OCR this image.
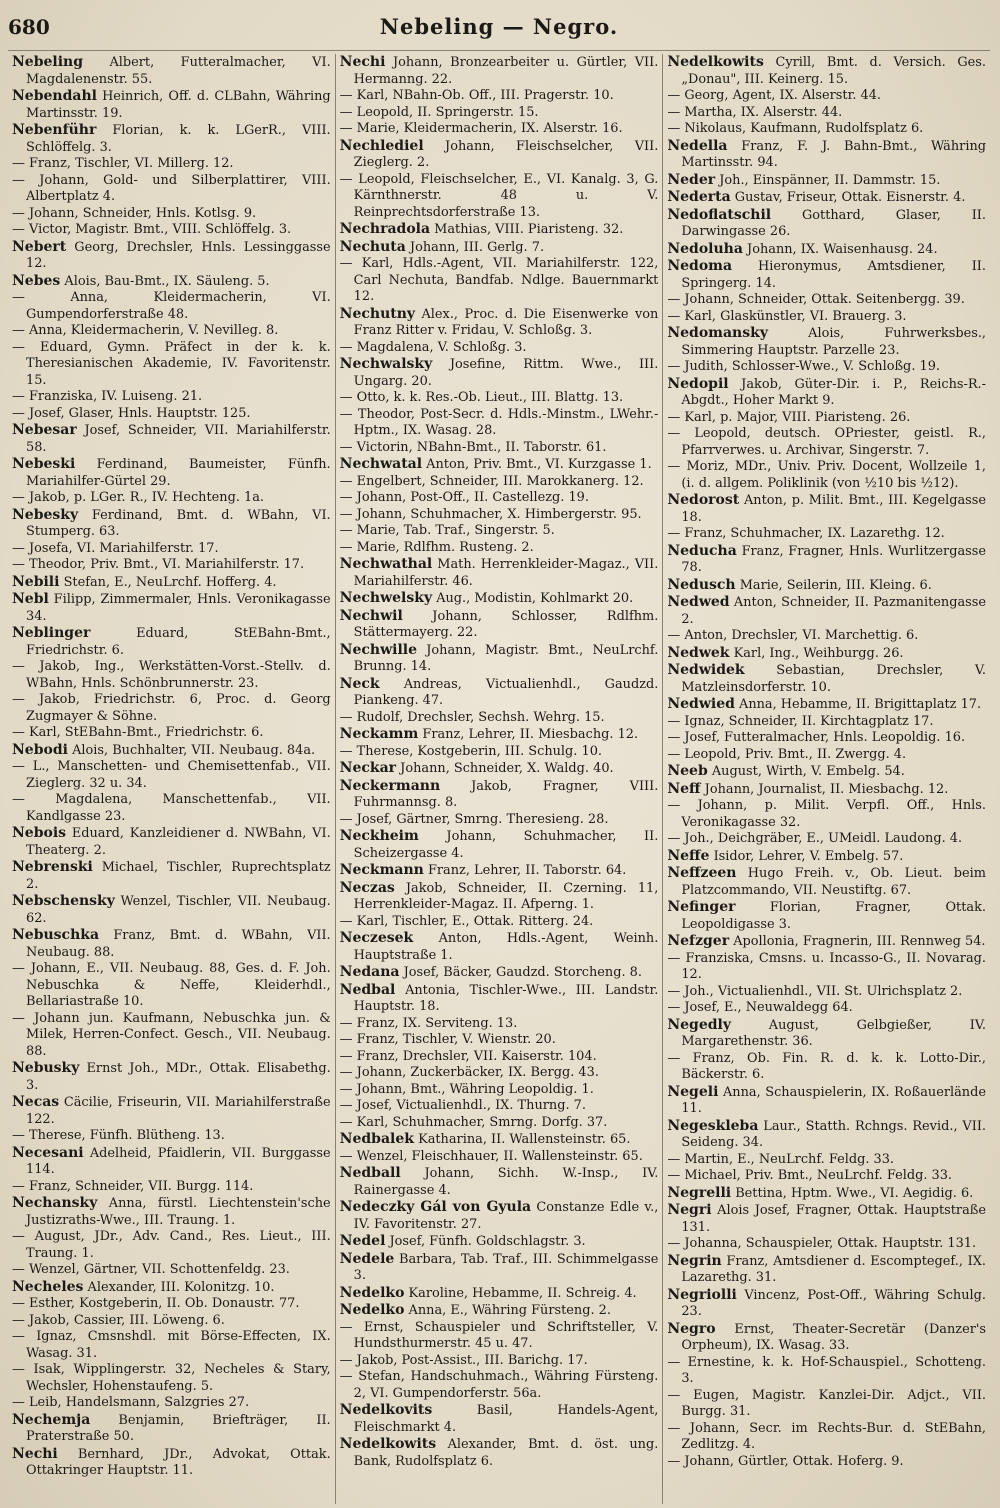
680	Nebeling — Negro.

Nebeling Albert, Futteralmacher, VI. Magdalenenstr. 55.

Nebendahl Heinrich, Off. d. CLBahn, Währing Martinsstr. 19.

Nebenführ Florian, k. k. LGerR., VIII. Schlöffelg. 3.

— Franz, Tischler, VI. Millerg. 12.

— Johann, Gold- und Silberplattirer, VIII. Albertplatz 4.

— Johann, Schneider, Hnls. Kotlsg. 9.

— Victor, Magistr. Bmt., VIII. Schlöffelg. 3.

Nebert Georg, Drechsler, Hnls. Lessinggasse 12.

Nebes Alois, Bau-Bmt., IX. Säuleng. 5.

— Anna, Kleidermacherin, VI. Gumpendorferstraße 48.

— Anna, Kleidermacherin, V. Nevilleg. 8.

— Eduard, Gymn. Präfect in der k. k. Theresianischen Akademie, IV. Favoritenstr. 15.

— Franziska, IV. Luiseng. 21.

— Josef, Glaser, Hnls. Hauptstr. 125.

Nebesar Josef, Schneider, VII. Mariahilferstr. 58.

Nebeski Ferdinand, Baumeister, Fünfh. Mariahilfer-Gürtel 29.

— Jakob, p. LGer. R., IV. Hechteng. 1a.

Nebesky Ferdinand, Bmt. d. WBahn, VI. Stumperg. 63.

— Josefa, VI. Mariahilferstr. 17.

— Theodor, Priv. Bmt., VI. Mariahilferstr. 17.

Nebili Stefan, E., NeuLrchf. Hofferg. 4.

Nebl Filipp, Zimmermaler, Hnls. Veronikagasse 34.

Neblinger	Eduard, StEBahn-Bmt., Friedrichstr. 6.

— Jakob, Ing., Werkstätten-Vorst.-Stellv. d. WBahn, Hnls. Schönbrunnerstr. 23.

— Jakob, Friedrichstr. 6, Proc. d. Georg Zugmayer & Söhne.

— Karl, StEBahn-Bmt., Friedrichstr. 6.

Nebodi Alois, Buchhalter, VII. Neubaug. 84a.

— L., Manschetten- und Chemisettenfab., VII. Zieglerg. 32 u. 34.

— Magdalena, Manschettenfab., VII. Kandlgasse 23.

Nebois Eduard, Kanzleidiener d. NWBahn, VI. Theaterg. 2.

Nebrenski Michael, Tischler, Ruprechtsplatz 2.

Nebschensky Wenzel, Tischler, VII. Neubaug. 62.

Nebuschka Franz, Bmt. d. WBahn, VII. Neubaug. 88.

— Johann, E., VII. Neubaug. 88, Ges. d. F. Joh. Nebuschka & Neffe, Kleiderhdl., Bellariastraße 10.

— Johann jun. Kaufmann, Nebuschka jun. & Milek, Herren-Confect. Gesch., VII. Neubaug. 88.

Nebusky Ernst Joh., MDr., Ottak. Elisabethg. 3.

Necas Cäcilie, Friseurin, VII. Mariahilferstraße 122.

— Therese, Fünfh. Blütheng. 13.

Necesani Adelheid, Pfaidlerin, VII. Burggasse 114.

— Franz, Schneider, VII. Burgg. 114.

Nechansky Anna, fürstl. Liechtenstein'sche Justizraths-Wwe., III. Traung. 1.

— August, JDr., Adv. Cand., Res. Lieut., III. Traung. 1.

— Wenzel, Gärtner, VII. Schottenfeldg. 23.

Necheles Alexander, III. Kolonitzg. 10.

— Esther, Kostgeberin, II. Ob. Donaustr. 77.

— Jakob, Cassier, III. Löweng. 6.

— Ignaz, Cmsnshdl. mit Börse-Effecten, IX. Wasag. 31.

— Isak, Wipplingerstr. 32, Necheles & Stary, Wechsler, Hohenstaufeng. 5.

— Leib, Handelsmann, Salzgries 27.

Nechemja Benjamin, Briefträger, II. Praterstraße 50.

Nechi Bernhard, JDr., Advokat, Ottak. Ottakringer Hauptstr. 11.

Nechi Johann, Bronzearbeiter u. Gürtler, VII. Hermanng. 22.

— Karl, NBahn-Ob. Off., III. Pragerstr. 10.

— Leopold, II. Springerstr. 15.

— Marie, Kleidermacherin, IX. Alserstr. 16.

Nechlediel Johann, Fleischselcher, VII. Zieglerg. 2.

— Leopold, Fleischselcher, E., VI. Kanalg. 3, G. Kärnthnerstr. 48 u. V. Reinprechtsdorferstraße 13.

Nechradola Mathias, VIII. Piaristeng. 32.

Nechuta Johann, III. Gerlg. 7.

— Karl, Hdls.-Agent, VII. Mariahilferstr. 122, Carl Nechuta, Bandfab. Ndlge. Bauernmarkt 12.

Nechutny Alex., Proc. d. Die Eisenwerke von Franz Ritter v. Fridau, V. Schloßg. 3.

— Magdalena, V. Schloßg. 3.

Nechwalsky Josefine, Rittm. Wwe., III. Ungarg. 20.

— Otto, k. k. Res.-Ob. Lieut., III. Blattg. 13.

— Theodor, Post-Secr. d. Hdls.-Minstm., LWehr.-Hptm., IX. Wasag. 28.

— Victorin, NBahn-Bmt., II. Taborstr. 61.

Nechwatal Anton, Priv. Bmt., VI. Kurzgasse 1.

— Engelbert, Schneider, III. Marokkanerg. 12.

— Johann, Post-Off., II. Castellezg. 19.

— Johann, Schuhmacher, X. Himbergerstr. 95.

— Marie, Tab. Traf., Singerstr. 5.

— Marie, Rdlfhm. Rusteng. 2.

Nechwathal Math. Herrenkleider-Magaz., VII. Mariahilferstr. 46.

Nechwelsky Aug., Modistin, Kohlmarkt 20.

Nechwil Johann, Schlosser, Rdlfhm. Stättermayerg. 22.

Nechwille Johann, Magistr. Bmt., NeuLrchf. Brunng. 14.

Neck Andreas, Victualienhdl., Gaudzd. Piankeng. 47.

— Rudolf, Drechsler, Sechsh. Wehrg. 15.

Neckamm Franz, Lehrer, II. Miesbachg. 12.

— Therese, Kostgeberin, III. Schulg. 10.

Neckar Johann, Schneider, X. Waldg. 40.

Neckermann Jakob, Fragner, VIII. Fuhrmannsg. 8.

— Josef, Gärtner, Smrng. Theresieng. 28.

Neckheim Johann, Schuhmacher, II. Scheizergasse 4.

Neckmann Franz, Lehrer, II. Taborstr. 64.

Neczas Jakob, Schneider, II. Czerning. 11, Herrenkleider-Magaz. II. Afperng. 1.

— Karl, Tischler, E., Ottak. Ritterg. 24.

Neczesek Anton, Hdls.-Agent, Weinh. Hauptstraße 1.

Nedana Josef, Bäcker, Gaudzd. Storcheng. 8.

Nedbal Antonia, Tischler-Wwe., III. Landstr. Hauptstr. 18.

— Franz, IX. Serviteng. 13.

— Franz, Tischler, V. Wienstr. 20.

— Franz, Drechsler, VII. Kaiserstr. 104.

— Johann, Zuckerbäcker, IX. Bergg. 43.

— Johann, Bmt., Währing Leopoldig. 1.

— Josef, Victualienhdl., IX. Thurng. 7.

— Karl, Schuhmacher, Smrng. Dorfg. 37.

Nedbalek Katharina, II. Wallensteinstr. 65.

— Wenzel, Fleischhauer, II. Wallensteinstr. 65.

Nedball Johann, Sichh. W.-Insp., IV. Rainergasse 4.

Nedeczky Gál von Gyula Constanze Edle v., IV. Favoritenstr. 27.

Nedel Josef, Fünfh. Goldschlagstr. 3.

Nedele Barbara, Tab. Traf., III. Schimmelgasse 3.

Nedelko Karoline, Hebamme, II. Schreig. 4.

Nedelko Anna, E., Währing Fürsteng. 2.

— Ernst, Schauspieler und Schriftsteller, V. Hundsthurmerstr. 45 u. 47.

— Jakob, Post-Assist., III. Barichg. 17.

— Stefan, Handschuhmach., Währing Fürsteng. 2, VI. Gumpendorferstr. 56a.

Nedelkovits	Basil, Handels-Agent, Fleischmarkt 4.

Nedelkowits Alexander, Bmt. d. öst. ung. Bank, Rudolfsplatz 6.

Nedelkowits Cyrill, Bmt. d. Versich. Ges. „Donau", III. Keinerg. 15.

— Georg, Agent, IX. Alserstr. 44.

— Martha, IX. Alserstr. 44.

— Nikolaus, Kaufmann, Rudolfsplatz 6.

Nedella Franz, F. J. Bahn-Bmt., Währing Martinsstr. 94.

Neder Joh., Einspänner, II. Dammstr. 15.

Nederta Gustav, Friseur, Ottak. Eisnerstr. 4.

Nedoflatschil Gotthard, Glaser, II. Darwingasse 26.

Nedoluha Johann, IX. Waisenhausg. 24.

Nedoma Hieronymus, Amtsdiener, II. Springerg. 14.

— Johann, Schneider, Ottak. Seitenbergg. 39.

— Karl, Glaskünstler, VI. Brauerg. 3.

Nedomansky	Alois, Fuhrwerksbes., Simmering Hauptstr. Parzelle 23.

— Judith, Schlosser-Wwe., V. Schloßg. 19.

Nedopil Jakob, Güter-Dir. i. P., Reichs-R.-Abgdt., Hoher Markt 9.

— Karl, p. Major, VIII. Piaristeng. 26.

— Leopold, deutsch. OPriester, geistl. R., Pfarrverwes. u. Archivar, Singerstr. 7.

— Moriz, MDr., Univ. Priv. Docent, Wollzeile 1, (i. d. allgem. Poliklinik (von ½10 bis ½12).

Nedorost Anton, p. Milit. Bmt., III. Kegelgasse 18.

— Franz, Schuhmacher, IX. Lazarethg. 12.

Neducha Franz, Fragner, Hnls. Wurlitzergasse 78.

Nedusch Marie, Seilerin, III. Kleing. 6.

Nedwed Anton, Schneider, II. Pazmanitengasse 2.

— Anton, Drechsler, VI. Marchettig. 6.

Nedwek Karl, Ing., Weihburgg. 26.

Nedwidek Sebastian, Drechsler, V. Matzleinsdorferstr. 10.

Nedwied Anna, Hebamme, II. Brigittaplatz 17.

— Ignaz, Schneider, II. Kirchtagplatz 17.

— Josef, Futteralmacher, Hnls. Leopoldig. 16.

— Leopold, Priv. Bmt., II. Zwergg. 4.

Neeb August, Wirth, V. Embelg. 54.

Neff Johann, Journalist, II. Miesbachg. 12.

— Johann, p. Milit. Verpfl. Off., Hnls. Veronikagasse 32.

— Joh., Deichgräber, E., UMeidl. Laudong. 4.

Neffe Isidor, Lehrer, V. Embelg. 57.

Neffzeen Hugo Freih. v., Ob. Lieut. beim Platzcommando, VII. Neustiftg. 67.

Nefinger	Florian, Fragner, Ottak. Leopoldigasse 3.

Nefzger Apollonia, Fragnerin, III. Rennweg 54.

— Franziska, Cmsns. u. Incasso-G., II. Novarag. 12.

— Joh., Victualienhdl., VII. St. Ulrichsplatz 2.

— Josef, E., Neuwaldegg 64.

Negedly	August, Gelbgießer, IV. Margarethenstr. 36.

— Franz, Ob. Fin. R. d. k. k. Lotto-Dir., Bäckerstr. 6.

Negeli Anna, Schauspielerin, IX. Roßauerlände 11.

Negeskleba Laur., Statth. Rchngs. Revid., VII. Seideng. 34.

— Martin, E., NeuLrchf. Feldg. 33.

— Michael, Priv. Bmt., NeuLrchf. Feldg. 33.

Negrelli Bettina, Hptm. Wwe., VI. Aegidig. 6.

Negri Alois Josef, Fragner, Ottak. Hauptstraße 131.

— Johanna, Schauspieler, Ottak. Hauptstr. 131.

Negrin Franz, Amtsdiener d. Escomptegef., IX. Lazarethg. 31.

Negriolli Vincenz, Post-Off., Währing Schulg. 23.

Negro Ernst, Theater-Secretär (Danzer's Orpheum), IX. Wasag. 33.

— Ernestine, k. k. Hof-Schauspiel., Schotteng. 3.

— Eugen, Magistr. Kanzlei-Dir. Adjct., VII. Burgg. 31.

— Johann, Secr. im Rechts-Bur. d. StEBahn, Zedlitzg. 4.

— Johann, Gürtler, Ottak. Hoferg. 9.
